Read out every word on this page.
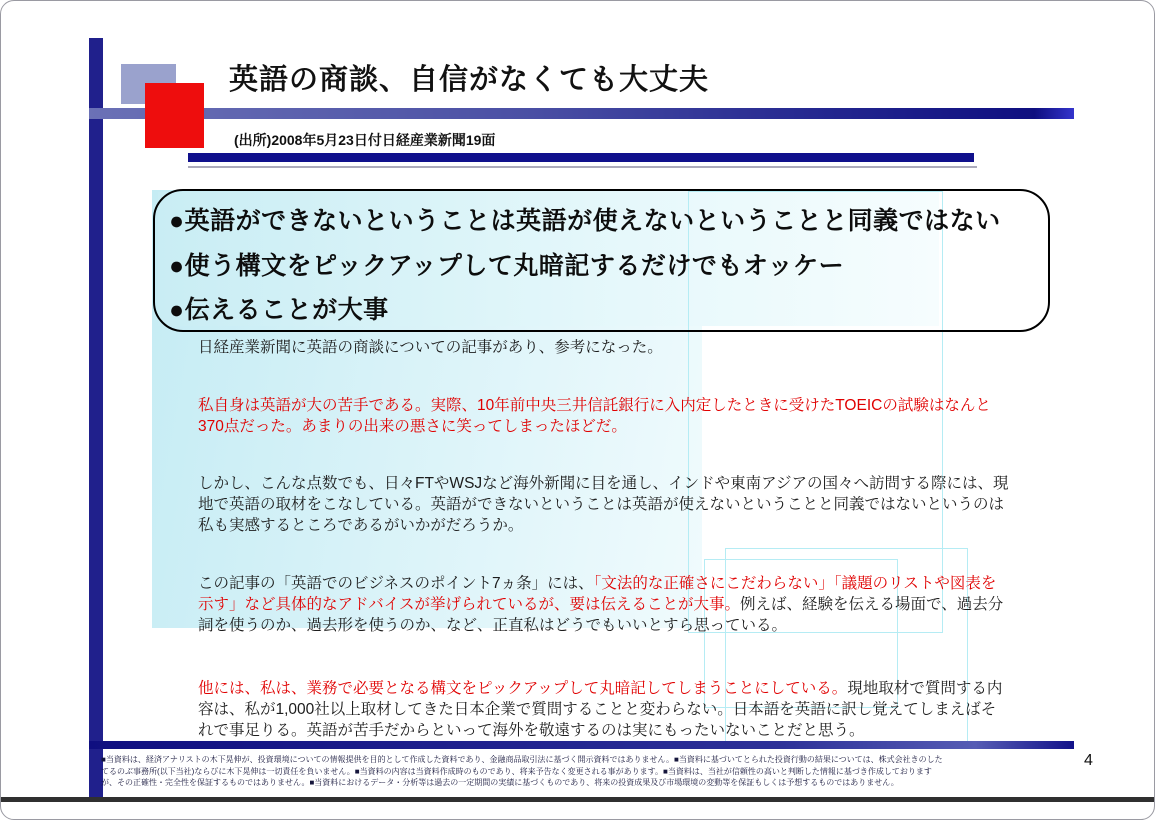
英語の商談、自信がなくても大丈夫
(出所)2008年5月23日付日経産業新聞19面
●英語ができないということは英語が使えないということと同義ではない
●使う構文をピックアップして丸暗記するだけでもオッケー
●伝えることが大事
日経産業新聞に英語の商談についての記事があり、参考になった。
私自身は英語が大の苦手である。実際、10年前中央三井信託銀行に入内定したときに受けたTOEICの試験はなんと370点だった。あまりの出来の悪さに笑ってしまったほどだ。
しかし、こんな点数でも、日々FTやWSJなど海外新聞に目を通し、インドや東南アジアの国々へ訪問する際には、現地で英語の取材をこなしている。英語ができないということは英語が使えないということと同義ではないというのは私も実感するところであるがいかがだろうか。
この記事の「英語でのビジネスのポイント7ヵ条」には、「文法的な正確さにこだわらない」「議題のリストや図表を示す」など具体的なアドバイスが挙げられているが、要は伝えることが大事。例えば、経験を伝える場面で、過去分詞を使うのか、過去形を使うのか、など、正直私はどうでもいいとすら思っている。
他には、私は、業務で必要となる構文をピックアップして丸暗記してしまうことにしている。現地取材で質問する内容は、私が1,000社以上取材してきた日本企業で質問することと変わらない。日本語を英語に訳し覚えてしまえばそれで事足りる。英語が苦手だからといって海外を敬遠するのは実にもったいないことだと思う。
■当資料は、経済アナリストの木下晃伸が、投資環境についての情報提供を目的として作成した資料であり、金融商品取引法に基づく開示資料ではありません。■当資料に基づいてとられた投資行動の結果については、株式会社きのした
てるのぶ事務所(以下当社)ならびに木下晃伸は一切責任を負いません。■当資料の内容は当資料作成時のものであり、将来予告なく変更される事があります。■当資料は、当社が信頼性の高いと判断した情報に基づき作成しております
が、その正確性・完全性を保証するものではありません。■当資料におけるデータ・分析等は過去の一定期間の実績に基づくものであり、将来の投資成果及び市場環境の変動等を保証もしくは予想するものではありません。
4
